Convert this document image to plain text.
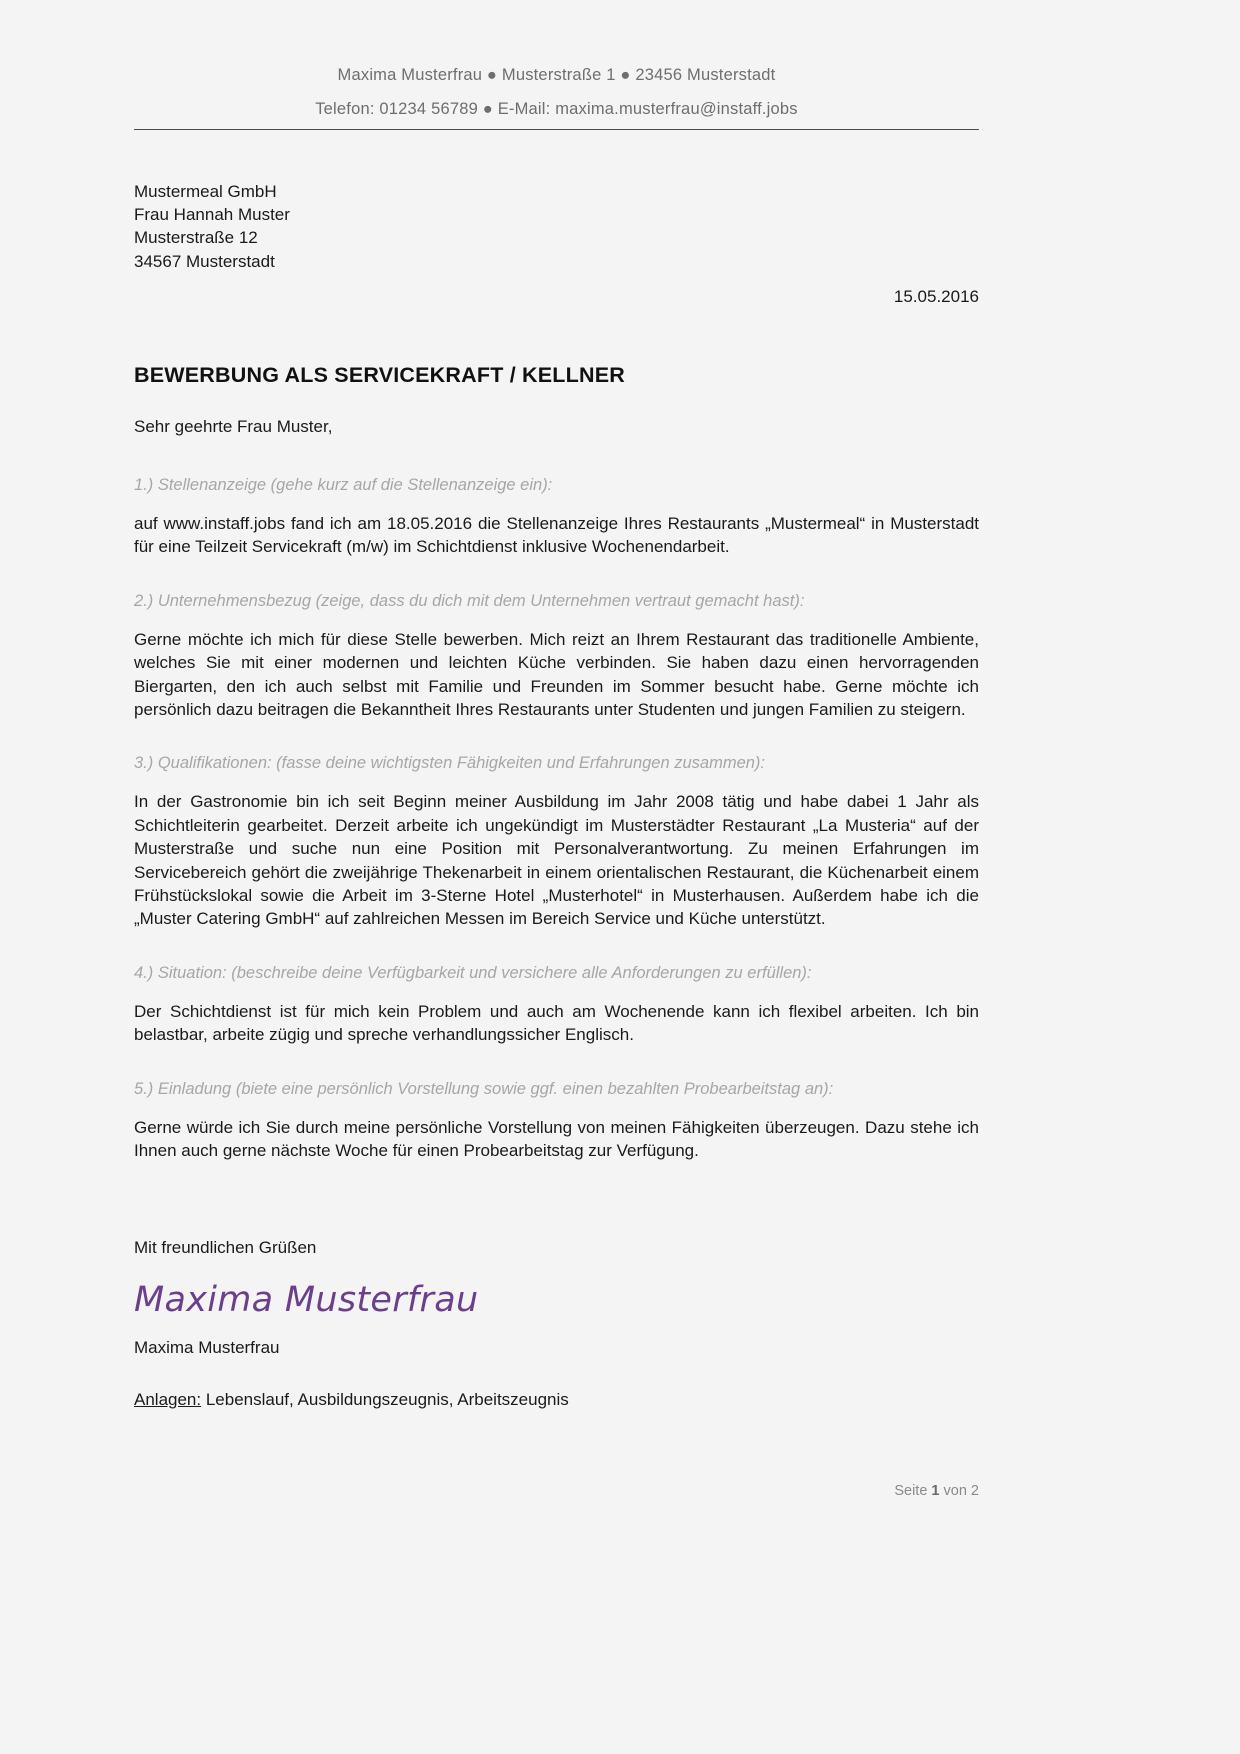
Maxima Musterfrau ● Musterstraße 1 ● 23456 Musterstadt
Telefon: 01234 56789 ● E-Mail: maxima.musterfrau@instaff.jobs
Mustermeal GmbH
Frau Hannah Muster
Musterstraße 12
34567 Musterstadt
15.05.2016
BEWERBUNG ALS SERVICEKRAFT / KELLNER

Sehr geehrte Frau Muster,

1.) Stellenanzeige (gehe kurz auf die Stellenanzeige ein):

auf www.instaff.jobs fand ich am 18.05.2016 die Stellenanzeige Ihres Restaurants „Mustermeal“ in Musterstadt für eine Teilzeit Servicekraft (m/w) im Schichtdienst inklusive Wochenendarbeit.

2.) Unternehmensbezug (zeige, dass du dich mit dem Unternehmen vertraut gemacht hast):

Gerne möchte ich mich für diese Stelle bewerben. Mich reizt an Ihrem Restaurant das traditionelle Ambiente, welches Sie mit einer modernen und leichten Küche verbinden. Sie haben dazu einen hervorragenden Biergarten, den ich auch selbst mit Familie und Freunden im Sommer besucht habe. Gerne möchte ich persönlich dazu beitragen die Bekanntheit Ihres Restaurants unter Studenten und jungen Familien zu steigern.

3.) Qualifikationen: (fasse deine wichtigsten Fähigkeiten und Erfahrungen zusammen):

In der Gastronomie bin ich seit Beginn meiner Ausbildung im Jahr 2008 tätig und habe dabei 1 Jahr als Schichtleiterin gearbeitet. Derzeit arbeite ich ungekündigt im Musterstädter Restaurant „La Musteria“ auf der Musterstraße und suche nun eine Position mit Personalverantwortung. Zu meinen Erfahrungen im Servicebereich gehört die zweijährige Thekenarbeit in einem orientalischen Restaurant, die Küchenarbeit einem Frühstückslokal sowie die Arbeit im 3-Sterne Hotel „Musterhotel“ in Musterhausen. Außerdem habe ich die „Muster Catering GmbH“ auf zahlreichen Messen im Bereich Service und Küche unterstützt.

4.) Situation: (beschreibe deine Verfügbarkeit und versichere alle Anforderungen zu erfüllen):

Der Schichtdienst ist für mich kein Problem und auch am Wochenende kann ich flexibel arbeiten. Ich bin belastbar, arbeite zügig und spreche verhandlungssicher Englisch.

5.) Einladung (biete eine persönlich Vorstellung sowie ggf. einen bezahlten Probearbeitstag an):

Gerne würde ich Sie durch meine persönliche Vorstellung von meinen Fähigkeiten überzeugen. Dazu stehe ich Ihnen auch gerne nächste Woche für einen Probearbeitstag zur Verfügung.

Mit freundlichen Grüßen
Maxima Musterfrau
Maxima Musterfrau
Anlagen: Lebenslauf, Ausbildungszeugnis, Arbeitszeugnis
Seite 1 von 2
